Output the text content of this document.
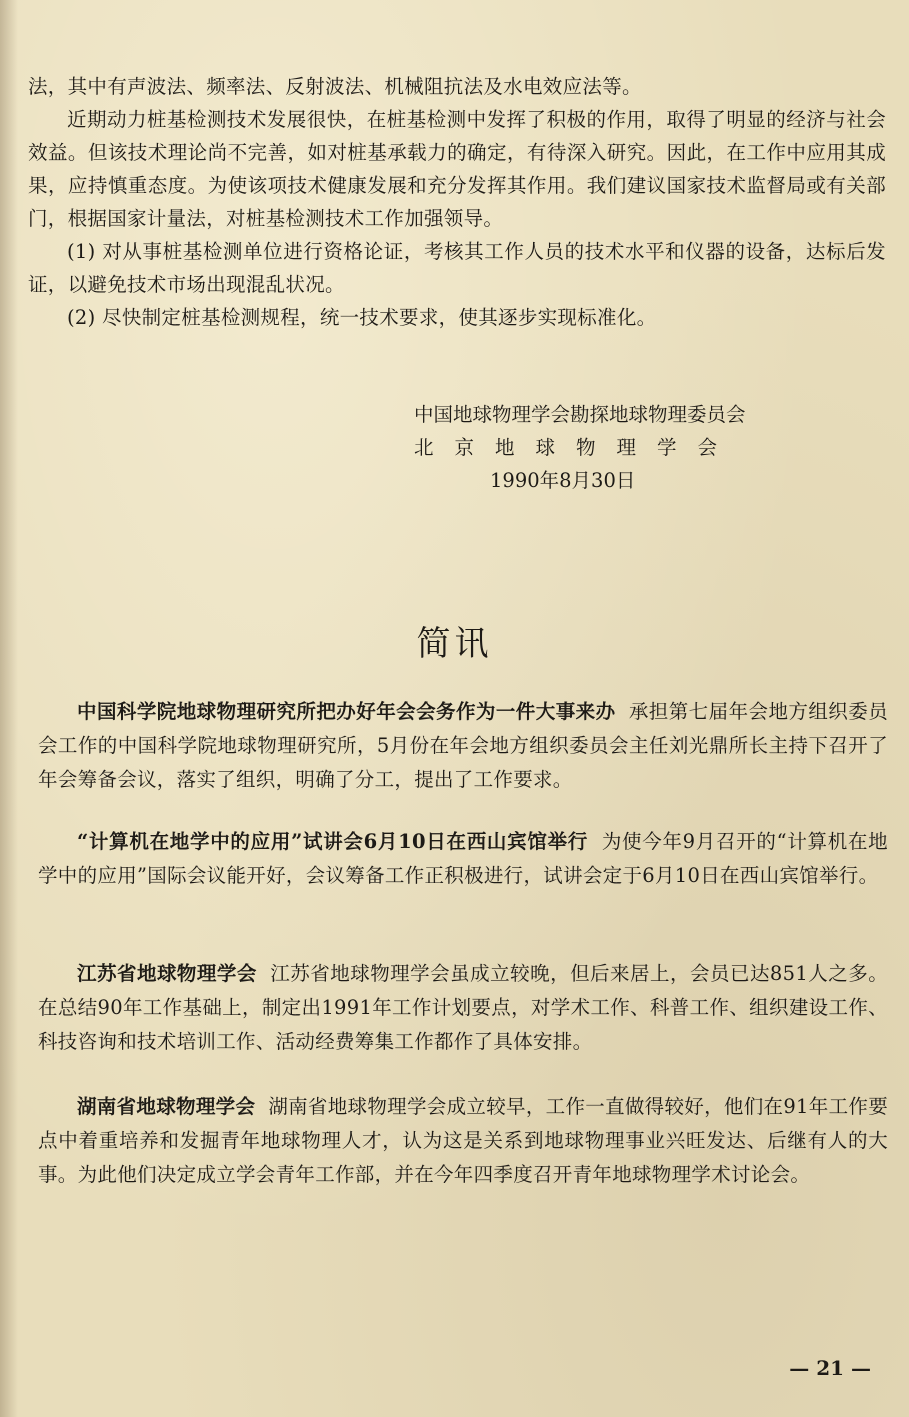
法，其中有声波法、频率法、反射波法、机械阻抗法及水电效应法等。

近期动力桩基检测技术发展很快，在桩基检测中发挥了积极的作用，取得了明显的经济与社会效益。但该技术理论尚不完善，如对桩基承载力的确定，有待深入研究。因此，在工作中应用其成果，应持慎重态度。为使该项技术健康发展和充分发挥其作用。我们建议国家技术监督局或有关部门，根据国家计量法，对桩基检测技术工作加强领导。

(1) 对从事桩基检测单位进行资格论证，考核其工作人员的技术水平和仪器的设备，达标后发证，以避免技术市场出现混乱状况。

(2) 尽快制定桩基检测规程，统一技术要求，使其逐步实现标准化。

中国地球物理学会勘探地球物理委员会
北京地球物理学会
1990年8月30日
简讯

中国科学院地球物理研究所把办好年会会务作为一件大事来办 承担第七届年会地方组织委员会工作的中国科学院地球物理研究所，5月份在年会地方组织委员会主任刘光鼎所长主持下召开了年会筹备会议，落实了组织，明确了分工，提出了工作要求。

“计算机在地学中的应用”试讲会6月10日在西山宾馆举行 为使今年9月召开的“计算机在地学中的应用”国际会议能开好，会议筹备工作正积极进行，试讲会定于6月10日在西山宾馆举行。

江苏省地球物理学会 江苏省地球物理学会虽成立较晚，但后来居上，会员已达851人之多。在总结90年工作基础上，制定出1991年工作计划要点，对学术工作、科普工作、组织建设工作、科技咨询和技术培训工作、活动经费筹集工作都作了具体安排。

湖南省地球物理学会 湖南省地球物理学会成立较早，工作一直做得较好，他们在91年工作要点中着重培养和发掘青年地球物理人才，认为这是关系到地球物理事业兴旺发达、后继有人的大事。为此他们决定成立学会青年工作部，并在今年四季度召开青年地球物理学术讨论会。

— 21 —
